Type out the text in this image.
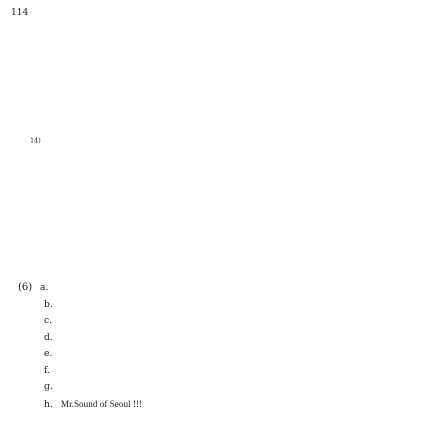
114
$^{14)}$
(6) a.
b.
c.
d.
e.
f.
g.
h. Mr.Sound of Seoul !!!
